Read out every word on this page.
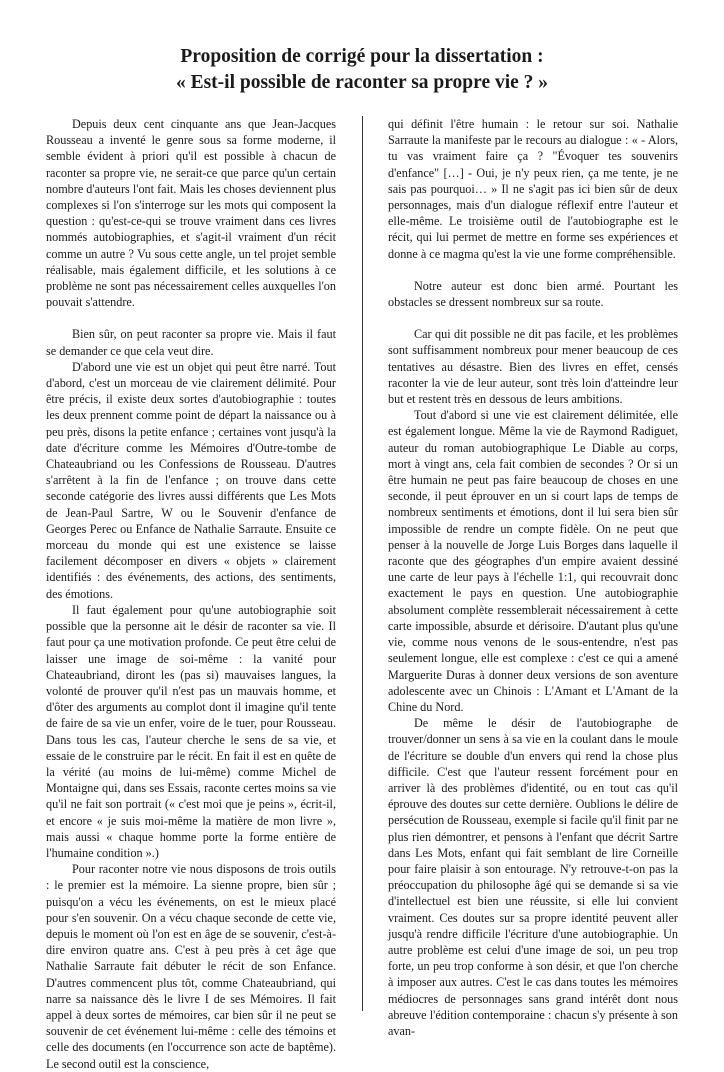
Proposition de corrigé pour la dissertation :
« Est-il possible de raconter sa propre vie ? »

Depuis deux cent cinquante ans que Jean-Jacques Rousseau a inventé le genre sous sa forme moderne, il semble évident à priori qu'il est possible à chacun de raconter sa propre vie, ne serait-ce que parce qu'un certain nombre d'auteurs l'ont fait. Mais les choses deviennent plus complexes si l'on s'interroge sur les mots qui composent la question : qu'est-ce-qui se trouve vraiment dans ces livres nommés autobiographies, et s'agit-il vraiment d'un récit comme un autre ? Vu sous cette angle, un tel projet semble réalisable, mais également difficile, et les solutions à ce problème ne sont pas nécessairement celles auxquelles l'on pouvait s'attendre.

Bien sûr, on peut raconter sa propre vie. Mais il faut se demander ce que cela veut dire.

D'abord une vie est un objet qui peut être narré. Tout d'abord, c'est un morceau de vie clairement délimité. Pour être précis, il existe deux sortes d'autobiographie : toutes les deux prennent comme point de départ la naissance ou à peu près, disons la petite enfance ; certaines vont jusqu'à la date d'écriture comme les Mémoires d'Outre-tombe de Chateaubriand ou les Confessions de Rousseau. D'autres s'arrêtent à la fin de l'enfance ; on trouve dans cette seconde catégorie des livres aussi différents que Les Mots de Jean-Paul Sartre, W ou le Souvenir d'enfance de Georges Perec ou Enfance de Nathalie Sarraute. Ensuite ce morceau du monde qui est une existence se laisse facilement décomposer en divers « objets » clairement identifiés : des événements, des actions, des sentiments, des émotions.

Il faut également pour qu'une autobiographie soit possible que la personne ait le désir de raconter sa vie. Il faut pour ça une motivation profonde. Ce peut être celui de laisser une image de soi-même : la vanité pour Chateaubriand, diront les (pas si) mauvaises langues, la volonté de prouver qu'il n'est pas un mauvais homme, et d'ôter des arguments au complot dont il imagine qu'il tente de faire de sa vie un enfer, voire de le tuer, pour Rousseau. Dans tous les cas, l'auteur cherche le sens de sa vie, et essaie de le construire par le récit. En fait il est en quête de la vérité (au moins de lui-même) comme Michel de Montaigne qui, dans ses Essais, raconte certes moins sa vie qu'il ne fait son portrait (« c'est moi que je peins », écrit-il, et encore « je suis moi-même la matière de mon livre », mais aussi « chaque homme porte la forme entière de l'humaine condition ».)

Pour raconter notre vie nous disposons de trois outils : le premier est la mémoire. La sienne propre, bien sûr ; puisqu'on a vécu les événements, on est le mieux placé pour s'en souvenir. On a vécu chaque seconde de cette vie, depuis le moment où l'on est en âge de se souvenir, c'est-à-dire environ quatre ans. C'est à peu près à cet âge que Nathalie Sarraute fait débuter le récit de son Enfance. D'autres commencent plus tôt, comme Chateaubriand, qui narre sa naissance dès le livre I de ses Mémoires. Il fait appel à deux sortes de mémoires, car bien sûr il ne peut se souvenir de cet événement lui-même : celle des témoins et celle des documents (en l'occurrence son acte de baptême). Le second outil est la conscience,

qui définit l'être humain : le retour sur soi. Nathalie Sarraute la manifeste par le recours au dialogue : « - Alors, tu vas vraiment faire ça ? "Évoquer tes souvenirs d'enfance" […] - Oui, je n'y peux rien, ça me tente, je ne sais pas pourquoi… » Il ne s'agit pas ici bien sûr de deux personnages, mais d'un dialogue réflexif entre l'auteur et elle-même. Le troisième outil de l'autobiographe est le récit, qui lui permet de mettre en forme ses expériences et donne à ce magma qu'est la vie une forme compréhensible.

Notre auteur est donc bien armé. Pourtant les obstacles se dressent nombreux sur sa route.

Car qui dit possible ne dit pas facile, et les problèmes sont suffisamment nombreux pour mener beaucoup de ces tentatives au désastre. Bien des livres en effet, censés raconter la vie de leur auteur, sont très loin d'atteindre leur but et restent très en dessous de leurs ambitions.

Tout d'abord si une vie est clairement délimitée, elle est également longue. Même la vie de Raymond Radiguet, auteur du roman autobiographique Le Diable au corps, mort à vingt ans, cela fait combien de secondes ? Or si un être humain ne peut pas faire beaucoup de choses en une seconde, il peut éprouver en un si court laps de temps de nombreux sentiments et émotions, dont il lui sera bien sûr impossible de rendre un compte fidèle. On ne peut que penser à la nouvelle de Jorge Luis Borges dans laquelle il raconte que des géographes d'un empire avaient dessiné une carte de leur pays à l'échelle 1:1, qui recouvrait donc exactement le pays en question. Une autobiographie absolument complète ressemblerait nécessairement à cette carte impossible, absurde et dérisoire. D'autant plus qu'une vie, comme nous venons de le sous-entendre, n'est pas seulement longue, elle est complexe : c'est ce qui a amené Marguerite Duras à donner deux versions de son aventure adolescente avec un Chinois : L'Amant et L'Amant de la Chine du Nord.

De même le désir de l'autobiographe de trouver/donner un sens à sa vie en la coulant dans le moule de l'écriture se double d'un envers qui rend la chose plus difficile. C'est que l'auteur ressent forcément pour en arriver là des problèmes d'identité, ou en tout cas qu'il éprouve des doutes sur cette dernière. Oublions le délire de persécution de Rousseau, exemple si facile qu'il finit par ne plus rien démontrer, et pensons à l'enfant que décrit Sartre dans Les Mots, enfant qui fait semblant de lire Corneille pour faire plaisir à son entourage. N'y retrouve-t-on pas la préoccupation du philosophe âgé qui se demande si sa vie d'intellectuel est bien une réussite, si elle lui convient vraiment. Ces doutes sur sa propre identité peuvent aller jusqu'à rendre difficile l'écriture d'une autobiographie. Un autre problème est celui d'une image de soi, un peu trop forte, un peu trop conforme à son désir, et que l'on cherche à imposer aux autres. C'est le cas dans toutes les mémoires médiocres de personnages sans grand intérêt dont nous abreuve l'édition contemporaine : chacun s'y présente à son avan-
